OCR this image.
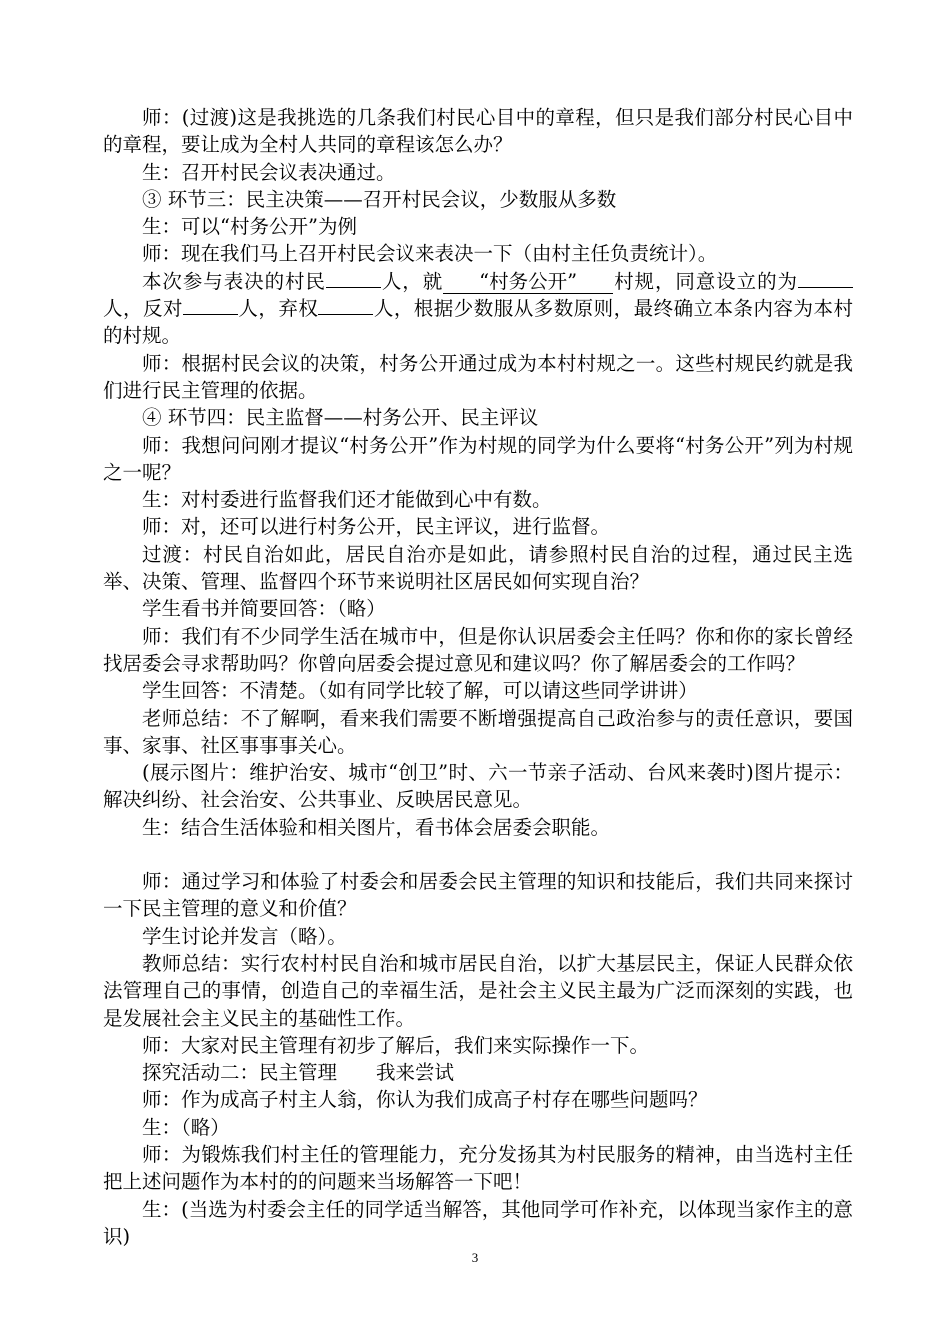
师：(过渡)这是我挑选的几条我们村民心目中的章程，但只是我们部分村民心目中的章程，要让成为全村人共同的章程该怎么办？

生：召开村民会议表决通过。

③ 环节三：民主决策——召开村民会议，少数服从多数

生：可以“村务公开”为例

师：现在我们马上召开村民会议来表决一下（由村主任负责统计）。

本次参与表决的村民	人，就 “村务公开” 村规，同意设立的为人，反对	人，弃权	人，根据少数服从多数原则，最终确立本条内容为本村的村规。

师：根据村民会议的决策，村务公开通过成为本村村规之一。这些村规民约就是我们进行民主管理的依据。

④ 环节四：民主监督——村务公开、民主评议

师：我想问问刚才提议“村务公开”作为村规的同学为什么要将“村务公开”列为村规之一呢？

生：对村委进行监督我们还才能做到心中有数。

师：对，还可以进行村务公开，民主评议，进行监督。

过渡：村民自治如此，居民自治亦是如此，请参照村民自治的过程，通过民主选举、决策、管理、监督四个环节来说明社区居民如何实现自治？

学生看书并简要回答：（略）

师：我们有不少同学生活在城市中，但是你认识居委会主任吗？你和你的家长曾经找居委会寻求帮助吗？你曾向居委会提过意见和建议吗？你了解居委会的工作吗？

学生回答：不清楚。（如有同学比较了解，可以请这些同学讲讲）

老师总结：不了解啊，看来我们需要不断增强提高自己政治参与的责任意识，要国事、家事、社区事事事关心。

(展示图片：维护治安、城市“创卫”时、六一节亲子活动、台风来袭时)图片提示：解决纠纷、社会治安、公共事业、反映居民意见。

生：结合生活体验和相关图片，看书体会居委会职能。

师：通过学习和体验了村委会和居委会民主管理的知识和技能后，我们共同来探讨一下民主管理的意义和价值？

学生讨论并发言（略）。

教师总结：实行农村村民自治和城市居民自治，以扩大基层民主，保证人民群众依法管理自己的事情，创造自己的幸福生活，是社会主义民主最为广泛而深刻的实践，也是发展社会主义民主的基础性工作。

师：大家对民主管理有初步了解后，我们来实际操作一下。

探究活动二：民主管理　　我来尝试

师：作为成高子村主人翁，你认为我们成高子村存在哪些问题吗？

生：（略）

师：为锻炼我们村主任的管理能力，充分发扬其为村民服务的精神，由当选村主任把上述问题作为本村的的问题来当场解答一下吧！

生：(当选为村委会主任的同学适当解答，其他同学可作补充，以体现当家作主的意识)

3
